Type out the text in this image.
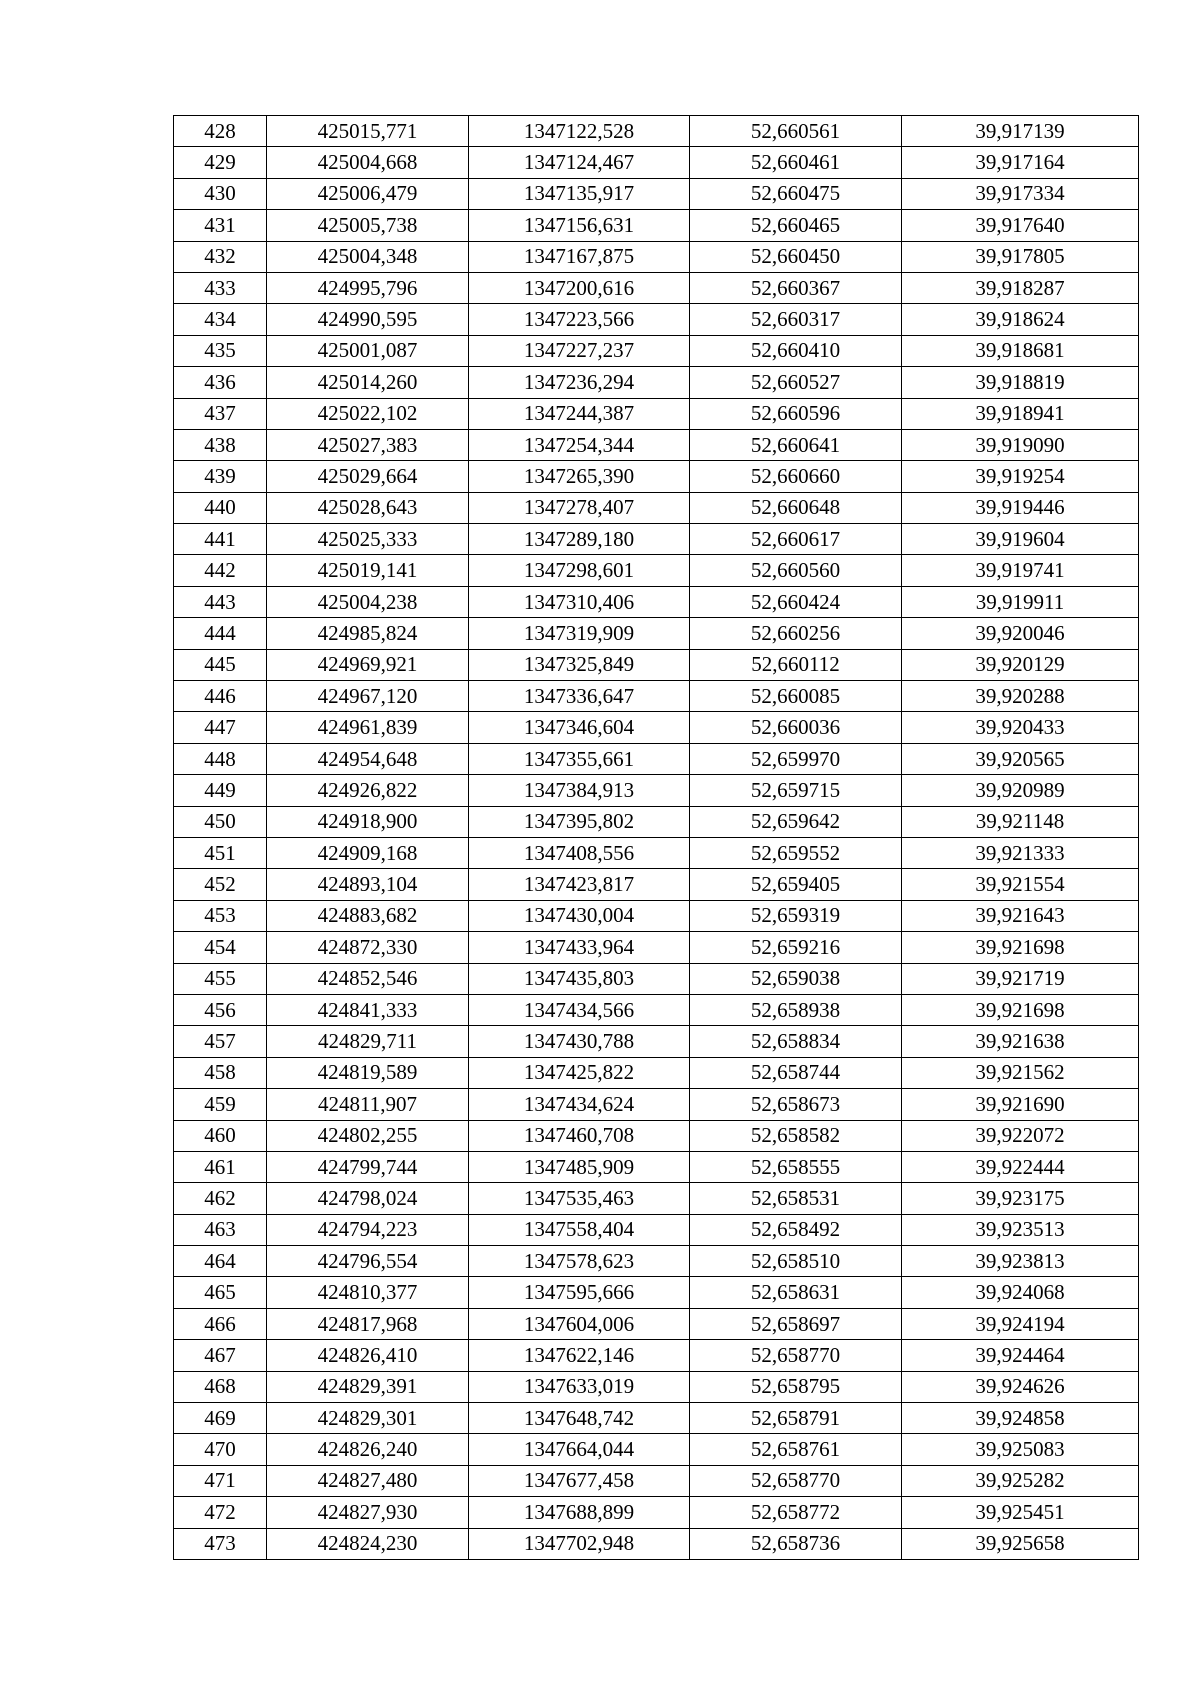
428	425015,771	1347122,528	52,660561	39,917139
429	425004,668	1347124,467	52,660461	39,917164
430	425006,479	1347135,917	52,660475	39,917334
431	425005,738	1347156,631	52,660465	39,917640
432	425004,348	1347167,875	52,660450	39,917805
433	424995,796	1347200,616	52,660367	39,918287
434	424990,595	1347223,566	52,660317	39,918624
435	425001,087	1347227,237	52,660410	39,918681
436	425014,260	1347236,294	52,660527	39,918819
437	425022,102	1347244,387	52,660596	39,918941
438	425027,383	1347254,344	52,660641	39,919090
439	425029,664	1347265,390	52,660660	39,919254
440	425028,643	1347278,407	52,660648	39,919446
441	425025,333	1347289,180	52,660617	39,919604
442	425019,141	1347298,601	52,660560	39,919741
443	425004,238	1347310,406	52,660424	39,919911
444	424985,824	1347319,909	52,660256	39,920046
445	424969,921	1347325,849	52,660112	39,920129
446	424967,120	1347336,647	52,660085	39,920288
447	424961,839	1347346,604	52,660036	39,920433
448	424954,648	1347355,661	52,659970	39,920565
449	424926,822	1347384,913	52,659715	39,920989
450	424918,900	1347395,802	52,659642	39,921148
451	424909,168	1347408,556	52,659552	39,921333
452	424893,104	1347423,817	52,659405	39,921554
453	424883,682	1347430,004	52,659319	39,921643
454	424872,330	1347433,964	52,659216	39,921698
455	424852,546	1347435,803	52,659038	39,921719
456	424841,333	1347434,566	52,658938	39,921698
457	424829,711	1347430,788	52,658834	39,921638
458	424819,589	1347425,822	52,658744	39,921562
459	424811,907	1347434,624	52,658673	39,921690
460	424802,255	1347460,708	52,658582	39,922072
461	424799,744	1347485,909	52,658555	39,922444
462	424798,024	1347535,463	52,658531	39,923175
463	424794,223	1347558,404	52,658492	39,923513
464	424796,554	1347578,623	52,658510	39,923813
465	424810,377	1347595,666	52,658631	39,924068
466	424817,968	1347604,006	52,658697	39,924194
467	424826,410	1347622,146	52,658770	39,924464
468	424829,391	1347633,019	52,658795	39,924626
469	424829,301	1347648,742	52,658791	39,924858
470	424826,240	1347664,044	52,658761	39,925083
471	424827,480	1347677,458	52,658770	39,925282
472	424827,930	1347688,899	52,658772	39,925451
473	424824,230	1347702,948	52,658736	39,925658
